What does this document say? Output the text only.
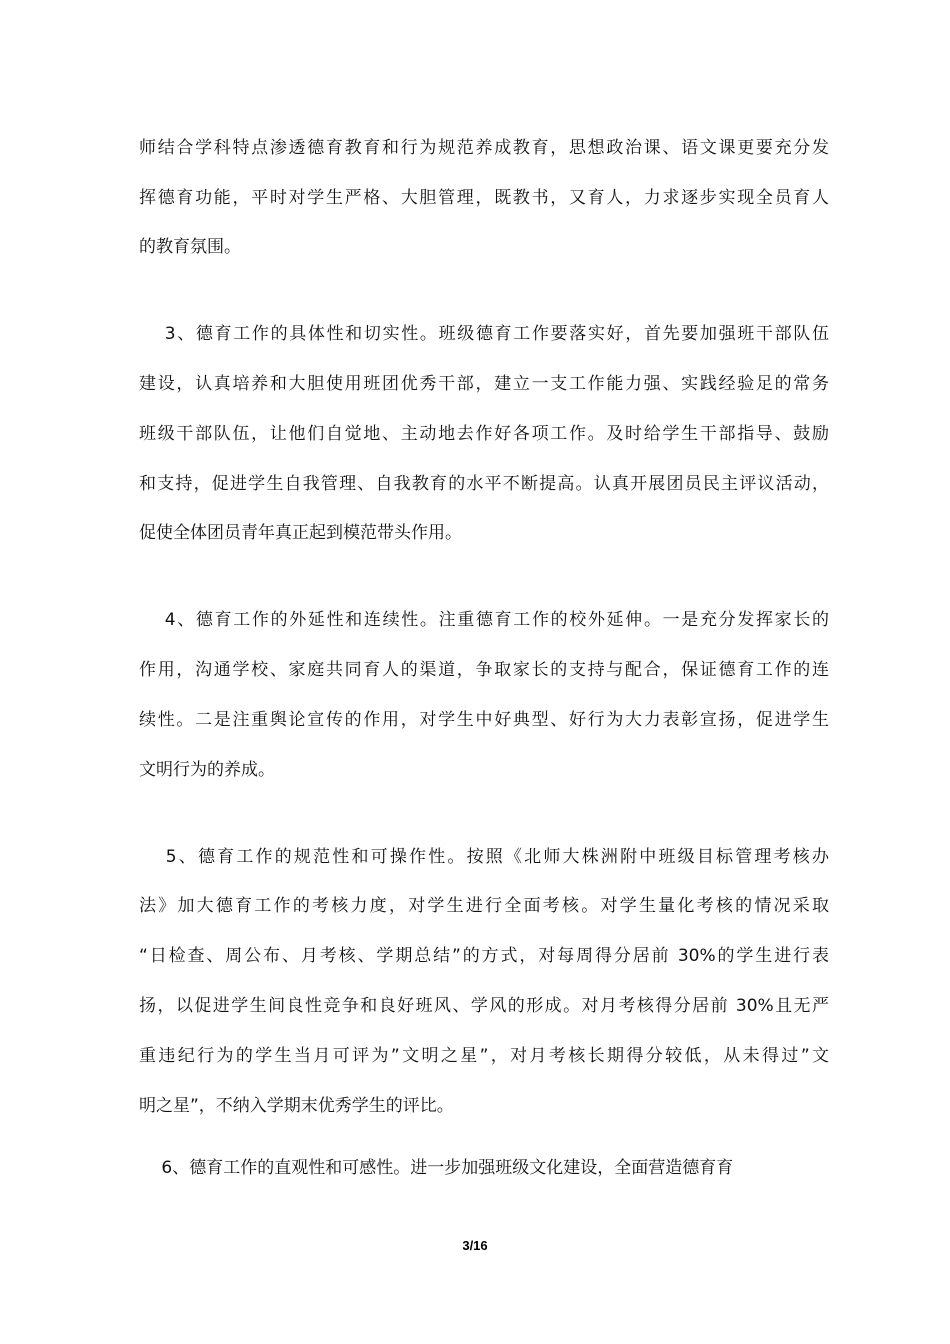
师结合学科特点渗透德育教育和行为规范养成教育，思想政治课、语文课更要充分发

挥德育功能，平时对学生严格、大胆管理，既教书，又育人，力求逐步实现全员育人

的教育氛围。

　 3、德育工作的具体性和切实性。班级德育工作要落实好，首先要加强班干部队伍

建设，认真培养和大胆使用班团优秀干部，建立一支工作能力强、实践经验足的常务

班级干部队伍，让他们自觉地、主动地去作好各项工作。及时给学生干部指导、鼓励

和支持，促进学生自我管理、自我教育的水平不断提高。认真开展团员民主评议活动，

促使全体团员青年真正起到模范带头作用。

　 4、德育工作的外延性和连续性。注重德育工作的校外延伸。一是充分发挥家长的

作用，沟通学校、家庭共同育人的渠道，争取家长的支持与配合，保证德育工作的连

续性。二是注重舆论宣传的作用，对学生中好典型、好行为大力表彰宣扬，促进学生

文明行为的养成。

　 5、德育工作的规范性和可操作性。按照《北师大株洲附中班级目标管理考核办

法》加大德育工作的考核力度，对学生进行全面考核。对学生量化考核的情况采取

“日检查、周公布、月考核、学期总结”的方式，对每周得分居前 30%的学生进行表

扬，以促进学生间良性竞争和良好班风、学风的形成。对月考核得分居前 30%且无严

重违纪行为的学生当月可评为”文明之星”，对月考核长期得分较低，从未得过”文

明之星”，不纳入学期末优秀学生的评比。

　 6、德育工作的直观性和可感性。进一步加强班级文化建设，全面营造德育育

3/16
